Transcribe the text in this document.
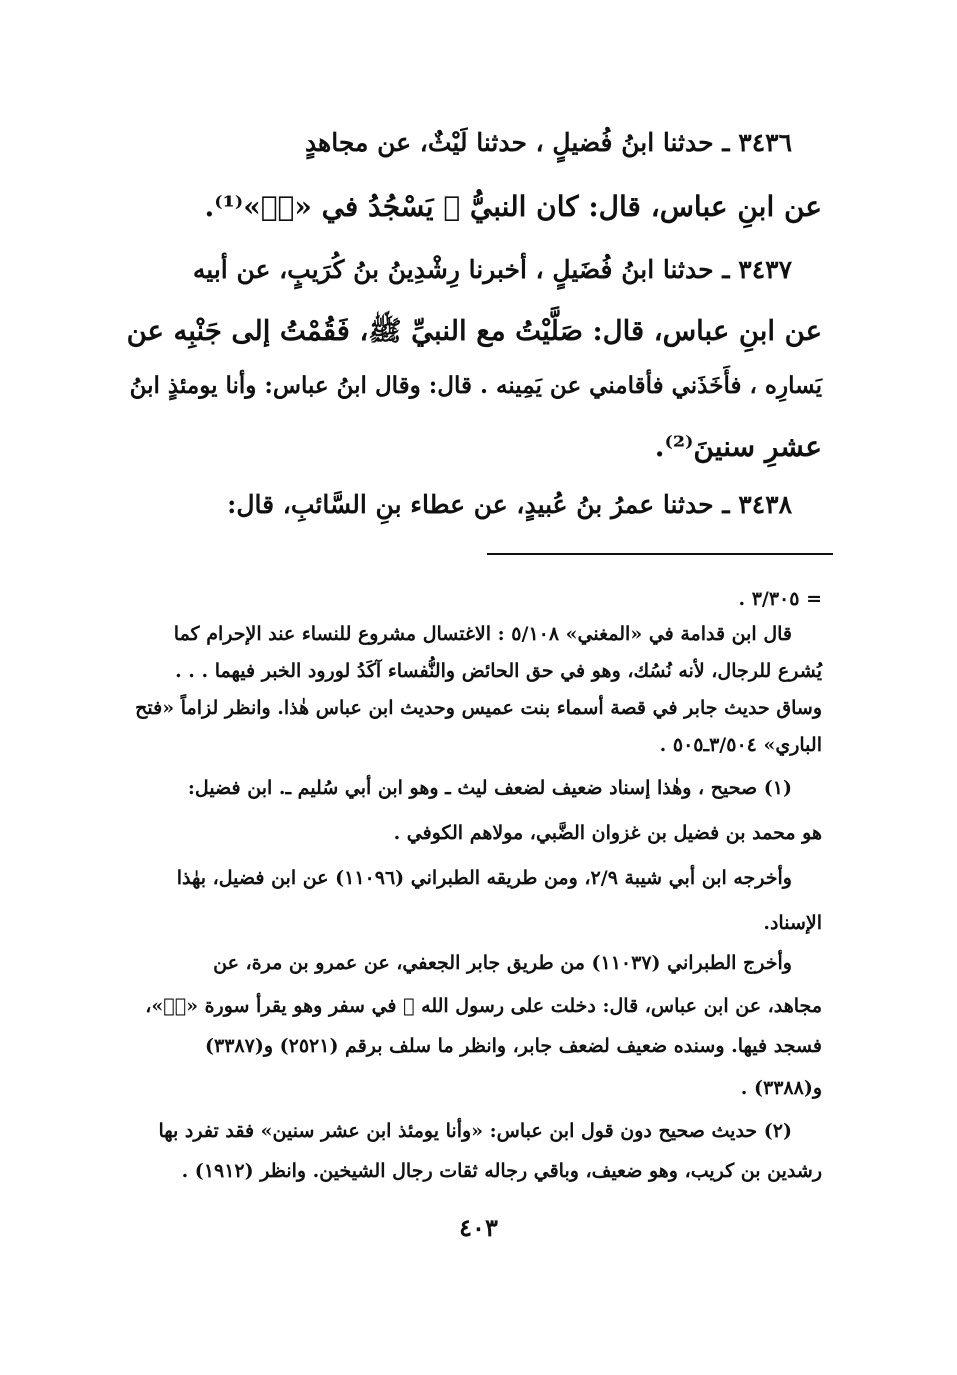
٣٤٣٦ ـ حدثنا ابنُ فُضيلٍ ، حدثنا لَيْثٌ، عن مجاهدٍ
عن ابنِ عباس، قال: كان النبيُّ ﷺ يَسْجُدُ في «صۤ»⁽¹⁾.
٣٤٣٧ ـ حدثنا ابنُ فُضَيلٍ ، أخبرنا رِشْدِينُ بنُ كُرَيبٍ، عن أبيه
عن ابنِ عباس، قال: صَلَّيْتُ مع النبيِّ ﷺ، فَقُمْتُ إلى جَنْبِه عن
يَسارِه ، فأَخَذَني فأقامني عن يَمِينه . قال: وقال ابنُ عباس: وأنا يومئذٍ ابنُ
عشرِ سنينَ⁽²⁾.
٣٤٣٨ ـ حدثنا عمرُ بنُ عُبيدٍ، عن عطاء بنِ السَّائبِ، قال:
= ٣/٣٠٥ .
قال ابن قدامة في «المغني» ٥/١٠٨ : الاغتسال مشروع للنساء عند الإحرام كما
يُشرع للرجال، لأنه نُسُك، وهو في حق الحائض والنُّفساء آكَدُ لورود الخبر فيهما . . .
وساق حديث جابر في قصة أسماء بنت عميس وحديث ابن عباس هٰذا. وانظر لزاماً «فتح
الباري» ٣/٥٠٤ـ٥٠٥ .
(١) صحيح ، وهٰذا إسناد ضعيف لضعف ليث ـ وهو ابن أبي سُليم ـ. ابن فضيل:
هو محمد بن فضيل بن غزوان الضَّبي، مولاهم الكوفي .
وأخرجه ابن أبي شيبة ٢/٩، ومن طريقه الطبراني (١١٠٩٦) عن ابن فضيل، بهٰذا
الإسناد.
وأخرج الطبراني (١١٠٣٧) من طريق جابر الجعفي، عن عمرو بن مرة، عن
مجاهد، عن ابن عباس، قال: دخلت على رسول الله ﷺ في سفر وهو يقرأ سورة «صۤ»،
فسجد فيها. وسنده ضعيف لضعف جابر، وانظر ما سلف برقم (٢٥٢١) و(٣٣٨٧)
و(٣٣٨٨) .
(٢) حديث صحيح دون قول ابن عباس: «وأنا يومئذ ابن عشر سنين» فقد تفرد بها
رشدين بن كريب، وهو ضعيف، وباقي رجاله ثقات رجال الشيخين. وانظر (١٩١٢) .
٤٠٣
